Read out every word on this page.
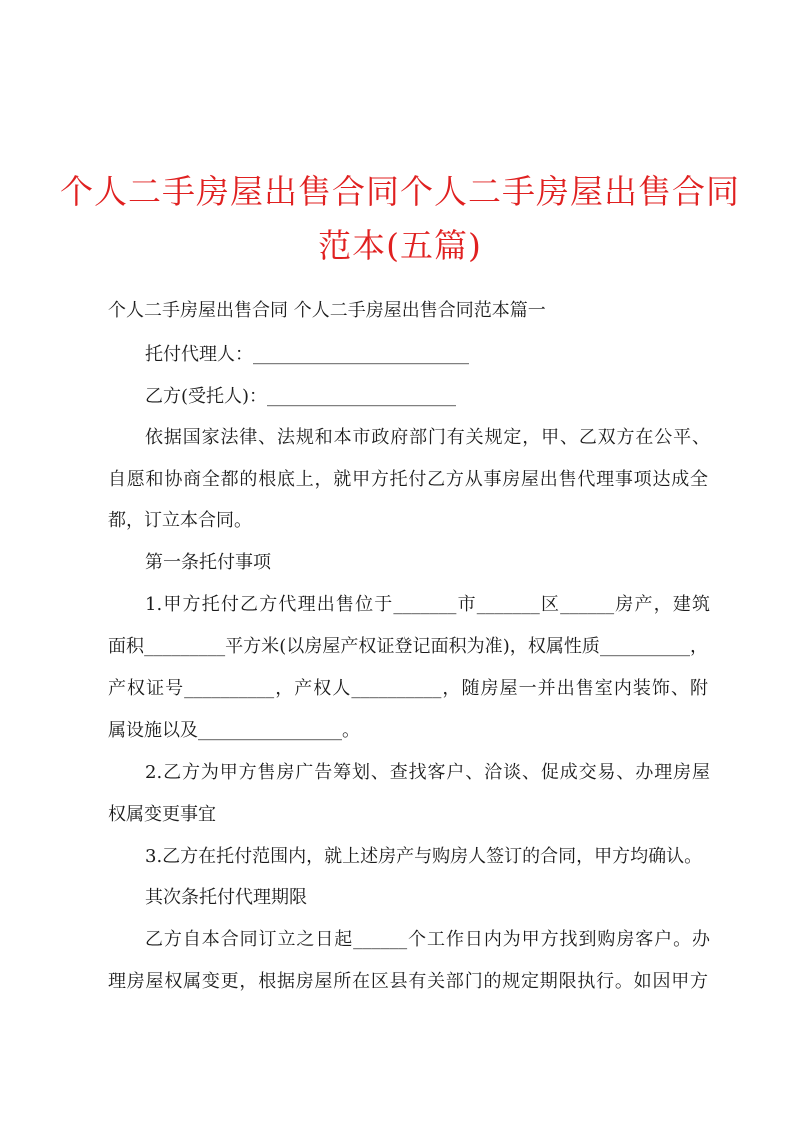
个人二手房屋出售合同个人二手房屋出售合同
范本(五篇)

个人二手房屋出售合同 个人二手房屋出售合同范本篇一

托付代理人：________________________

乙方(受托人)：_____________________

依据国家法律、法规和本市政府部门有关规定，甲、乙双方在公平、

自愿和协商全都的根底上，就甲方托付乙方从事房屋出售代理事项达成全

都，订立本合同。

第一条托付事项

1.甲方托付乙方代理出售位于_______市_______区______房产，建筑

面积_________平方米(以房屋产权证登记面积为准)，权属性质__________，

产权证号__________，产权人__________，随房屋一并出售室内装饰、附

属设施以及________________。

2.乙方为甲方售房广告筹划、查找客户、洽谈、促成交易、办理房屋

权属变更事宜

3.乙方在托付范围内，就上述房产与购房人签订的合同，甲方均确认。

其次条托付代理期限

乙方自本合同订立之日起______个工作日内为甲方找到购房客户。办

理房屋权属变更，根据房屋所在区县有关部门的规定期限执行。如因甲方
